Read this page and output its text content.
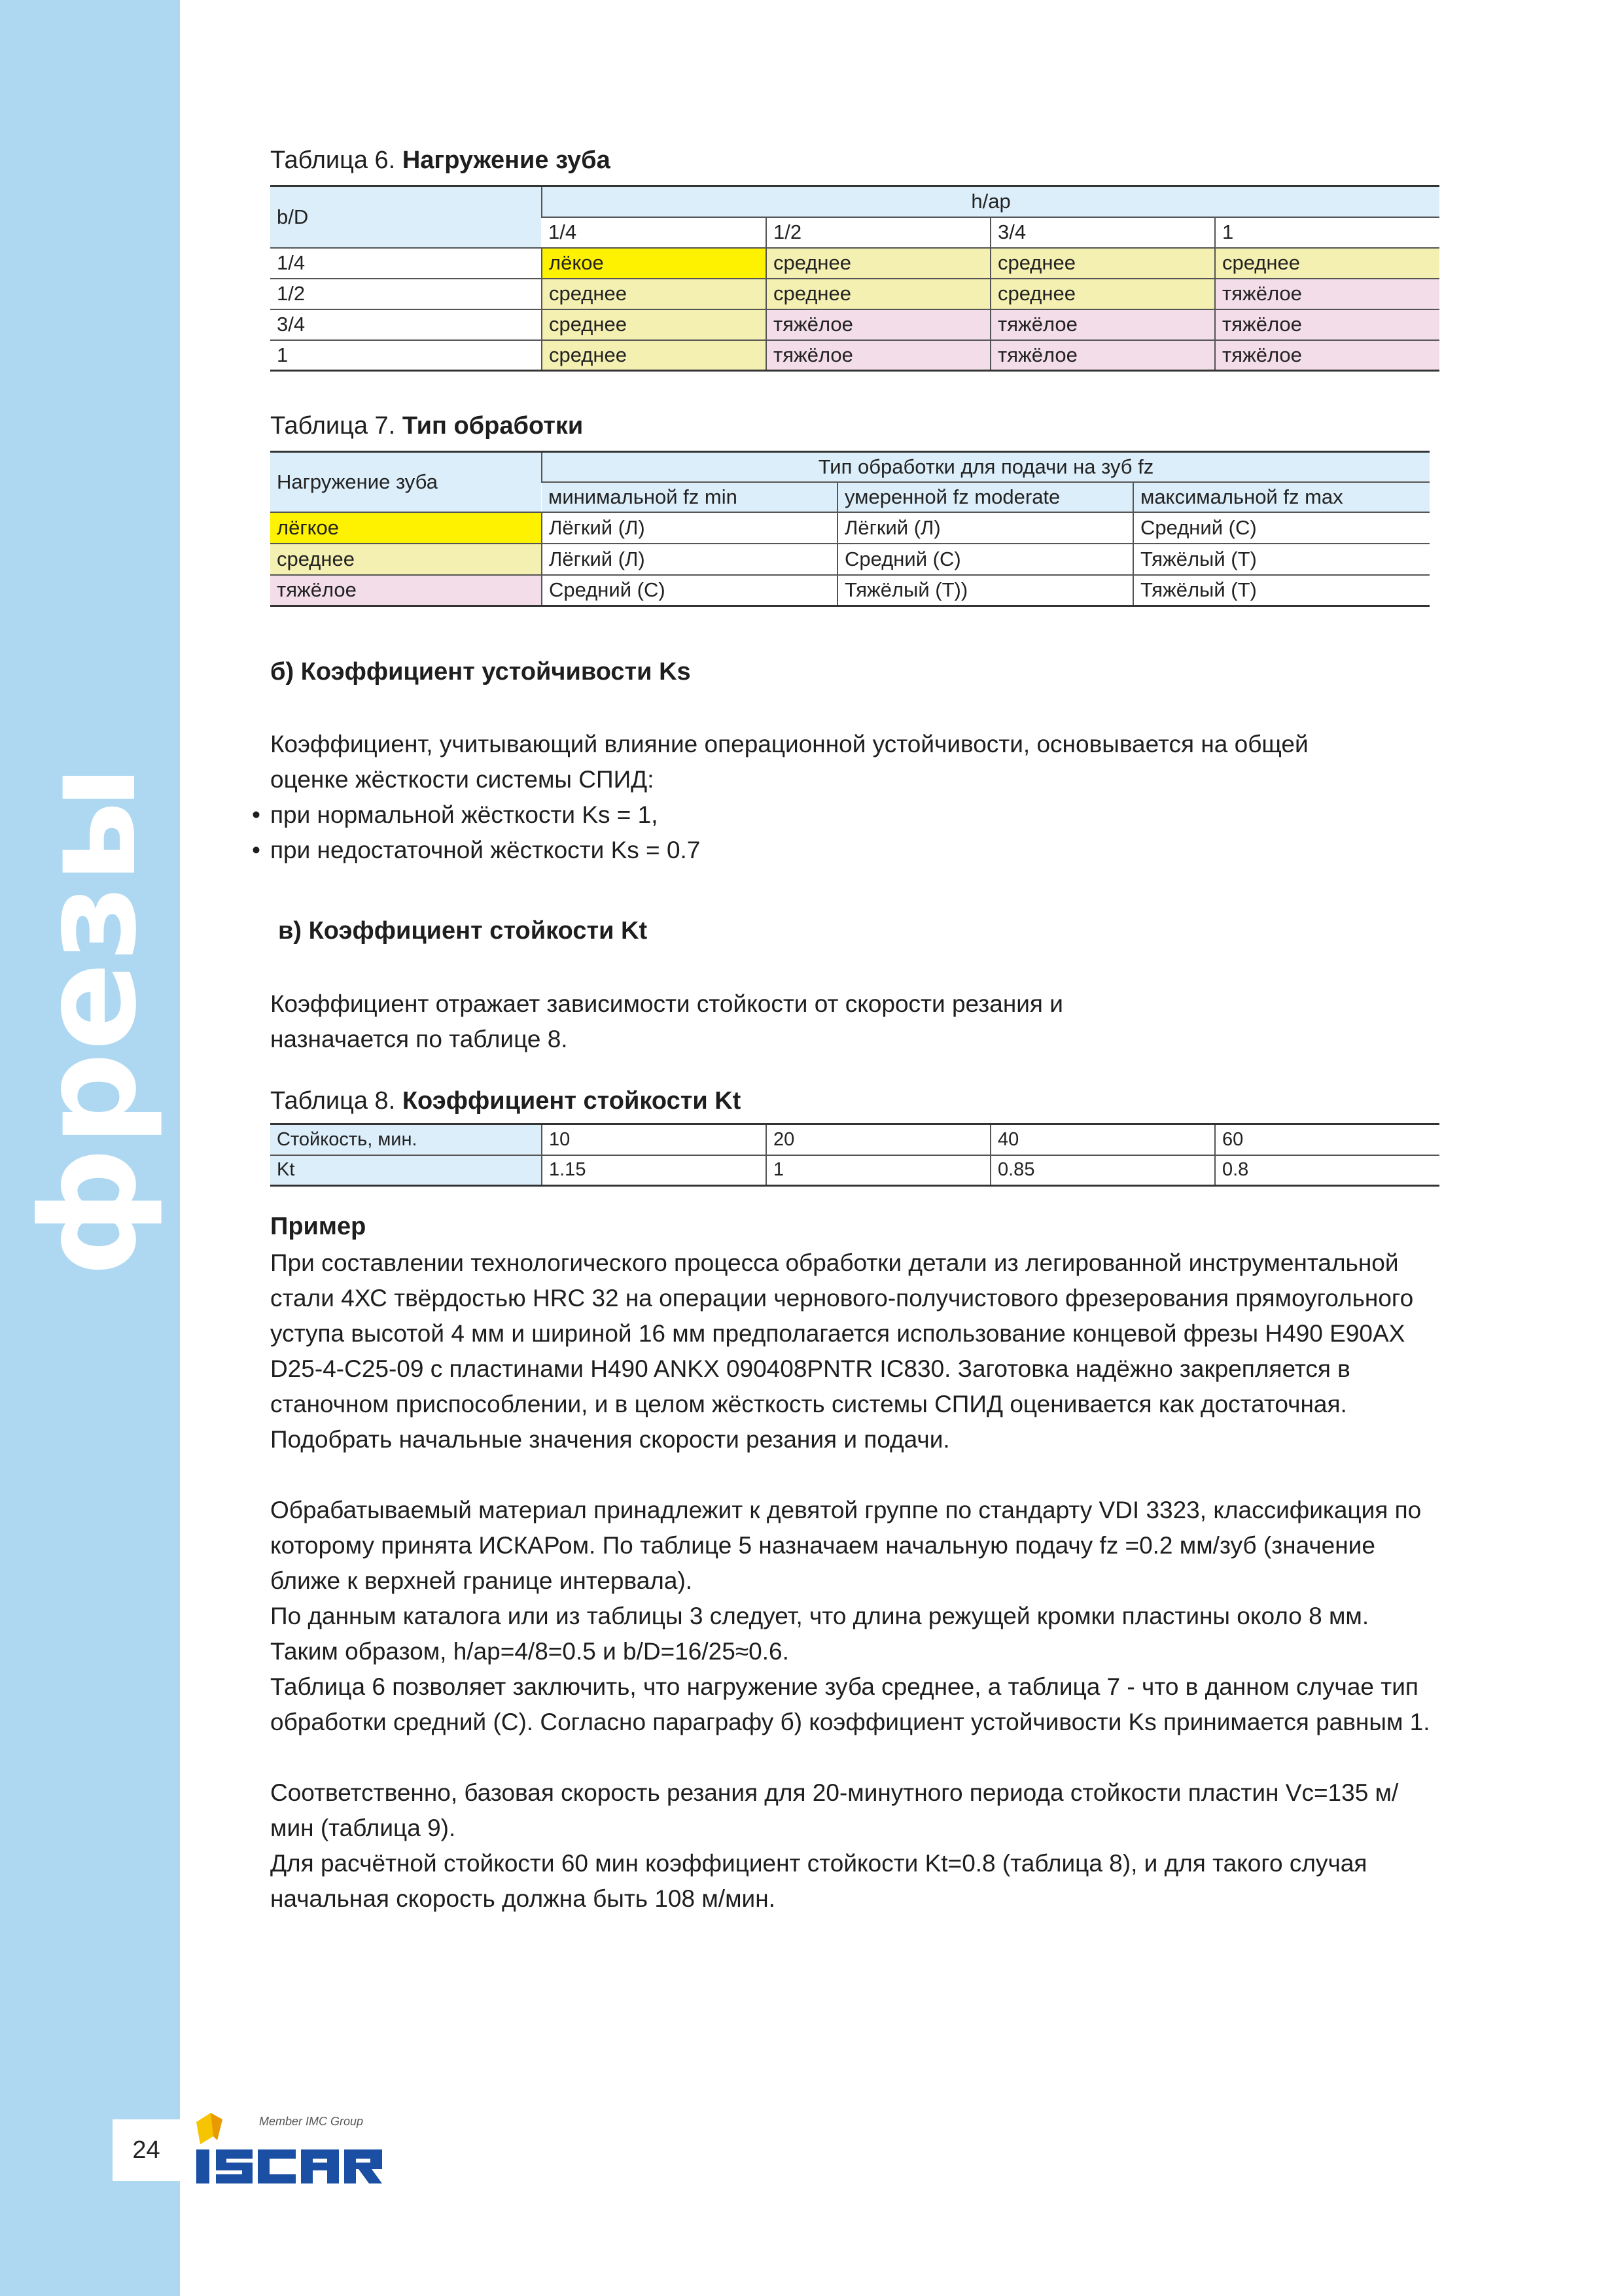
фрезы
24
Member IMC Group
Таблица 6. Нагружение зуба
b/D	h/ap			
	1/4	1/2	3/4	1
1/4	лёкое	среднее	среднее	среднее
1/2	среднее	среднее	среднее	тяжёлое
3/4	среднее	тяжёлое	тяжёлое	тяжёлое
1	среднее	тяжёлое	тяжёлое	тяжёлое
Таблица 7. Тип обработки
Нагружение зуба	Тип обработки для подачи на зуб fz		
	минимальной fz min	умеренной fz moderate	максимальной fz max
лёгкое	Лёгкий (Л)	Лёгкий (Л)	Средний (С)
среднее	Лёгкий (Л)	Средний (С)	Тяжёлый (Т)
тяжёлое	Средний (С)	Тяжёлый (Т))	Тяжёлый (Т)
б) Коэффициент устойчивости Ks

Коэффициент, учитывающий влияние операционной устойчивости, основывается на общей

оценке жёсткости системы СПИД:

• при нормальной жёсткости Ks = 1,
• при недостаточной жёсткости Ks = 0.7
в) Коэффициент стойкости Kt

Коэффициент отражает зависимости стойкости от скорости резания и

назначается по таблице 8.

Таблица 8. Коэффициент стойкости Kt
Стойкость, мин.	10	20	40	60
Kt	1.15	1	0.85	0.8
Пример

При составлении технологического процесса обработки детали из легированной инструментальной стали 4ХС твёрдостью HRC 32 на операции чернового-получистового фрезерования прямоугольного уступа высотой 4 мм и шириной 16 мм предполагается использование концевой фрезы H490 E90AX D25-4-C25-09 с пластинами H490 ANKX 090408PNTR IC830. Заготовка надёжно закрепляется в станочном приспособлении, и в целом жёсткость системы СПИД оценивается как достаточная. Подобрать начальные значения скорости резания и подачи.

Обрабатываемый материал принадлежит к девятой группе по стандарту VDI 3323, классификация по которому принята ИСКАРом. По таблице 5 назначаем начальную подачу fz =0.2 мм/зуб (значение ближе к верхней границе интервала).

По данным каталога или из таблицы 3 следует, что длина режущей кромки пластины около 8 мм. Таким образом, h/ap=4/8=0.5 и b/D=16/25≈0.6.

Таблица 6 позволяет заключить, что нагружение зуба среднее, а таблица 7 - что в данном случае тип обработки средний (С). Согласно параграфу б) коэффициент устойчивости Ks принимается равным 1.

Соответственно, базовая скорость резания для 20-минутного периода стойкости пластин Vc=135 м/мин (таблица 9).

Для расчётной стойкости 60 мин коэффициент стойкости Kt=0.8 (таблица 8), и для такого случая начальная скорость должна быть 108 м/мин.
